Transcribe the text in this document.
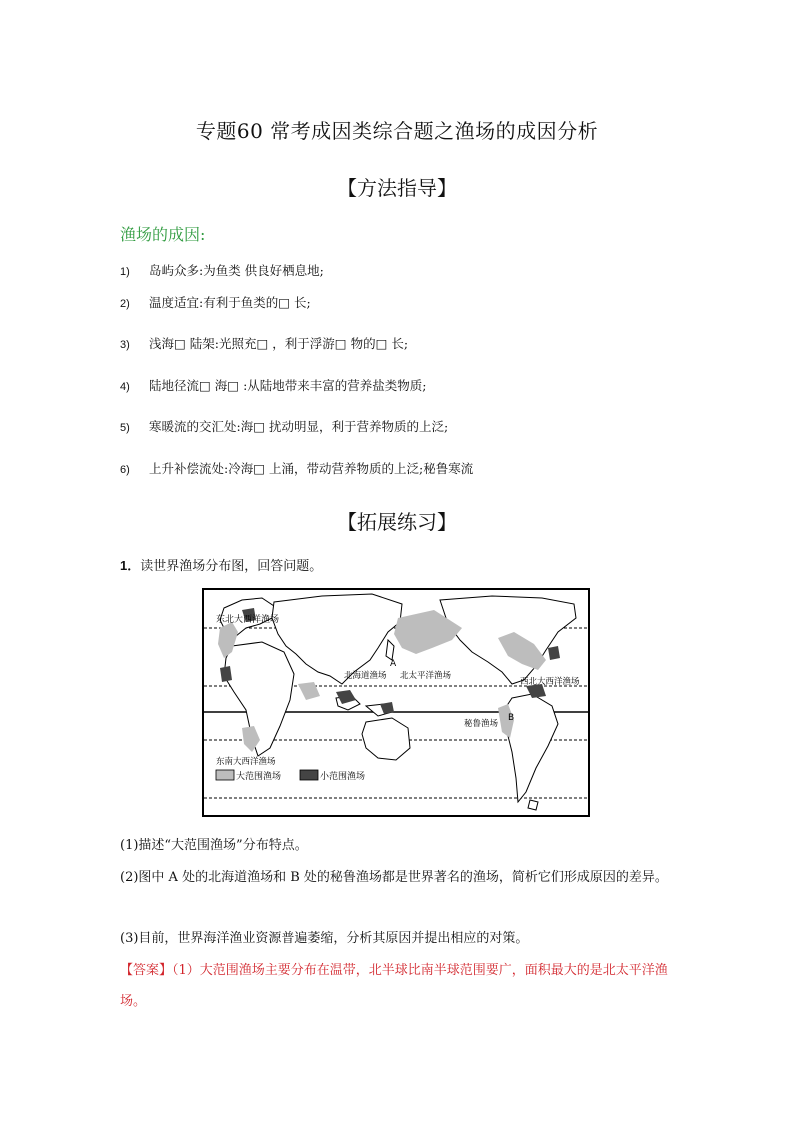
专题60 常考成因类综合题之渔场的成因分析
【方法指导】
渔场的成因:
1) 岛屿众多:为鱼类 供良好栖息地;
2) 温度适宜:有利于鱼类的□ 长;
3) 浅海□ 陆架:光照充□ ，利于浮游□ 物的□ 长;
4) 陆地径流□ 海□ :从陆地带来丰富的营养盐类物质;
5) 寒暖流的交汇处:海□ 扰动明显，利于营养物质的上泛;
6) 上升补偿流处:冷海□ 上涌，带动营养物质的上泛;秘鲁寒流
【拓展练习】
1．读世界渔场分布图，回答问题。
东北大西洋渔场
北海道渔场 北太平洋渔场
西北大西洋渔场
秘鲁渔场
东南大西洋渔场
A
B
大范围渔场	小范围渔场
(1)描述“大范围渔场”分布特点。
(2)图中 A 处的北海道渔场和 B 处的秘鲁渔场都是世界著名的渔场，简析它们形成原因的差异。
(3)目前，世界海洋渔业资源普遍萎缩，分析其原因并提出相应的对策。
【答案】（1）大范围渔场主要分布在温带，北半球比南半球范围要广，面积最大的是北太平洋渔场。
